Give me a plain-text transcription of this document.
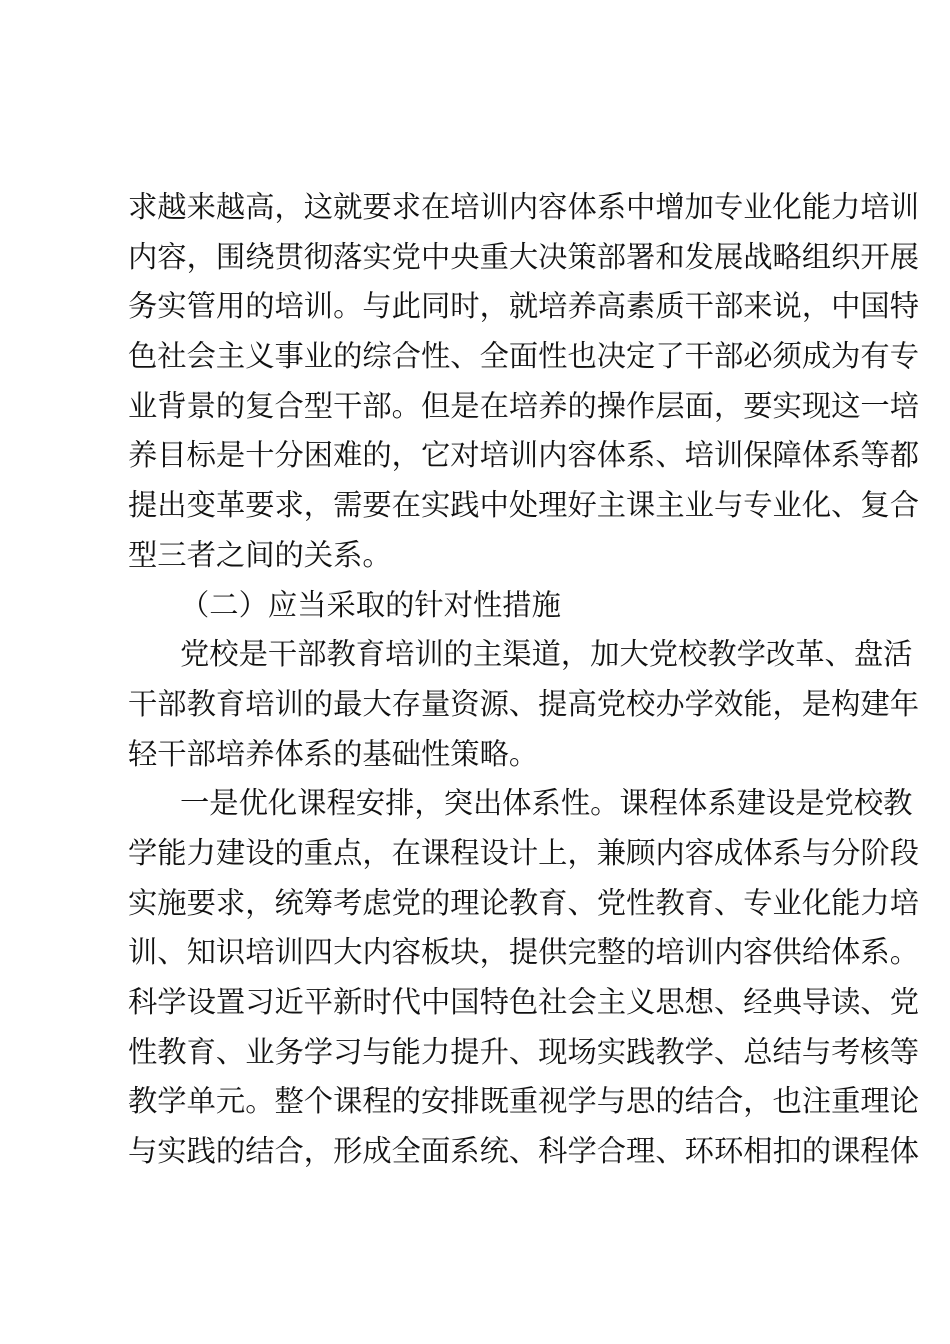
求越来越高，这就要求在培训内容体系中增加专业化能力培训
内容，围绕贯彻落实党中央重大决策部署和发展战略组织开展
务实管用的培训。与此同时，就培养高素质干部来说，中国特
色社会主义事业的综合性、全面性也决定了干部必须成为有专
业背景的复合型干部。但是在培养的操作层面，要实现这一培
养目标是十分困难的，它对培训内容体系、培训保障体系等都
提出变革要求，需要在实践中处理好主课主业与专业化、复合
型三者之间的关系。
（二）应当采取的针对性措施
党校是干部教育培训的主渠道，加大党校教学改革、盘活
干部教育培训的最大存量资源、提高党校办学效能，是构建年
轻干部培养体系的基础性策略。
一是优化课程安排，突出体系性。课程体系建设是党校教
学能力建设的重点，在课程设计上，兼顾内容成体系与分阶段
实施要求，统筹考虑党的理论教育、党性教育、专业化能力培
训、知识培训四大内容板块，提供完整的培训内容供给体系。
科学设置习近平新时代中国特色社会主义思想、经典导读、党
性教育、业务学习与能力提升、现场实践教学、总结与考核等
教学单元。整个课程的安排既重视学与思的结合，也注重理论
与实践的结合，形成全面系统、科学合理、环环相扣的课程体
